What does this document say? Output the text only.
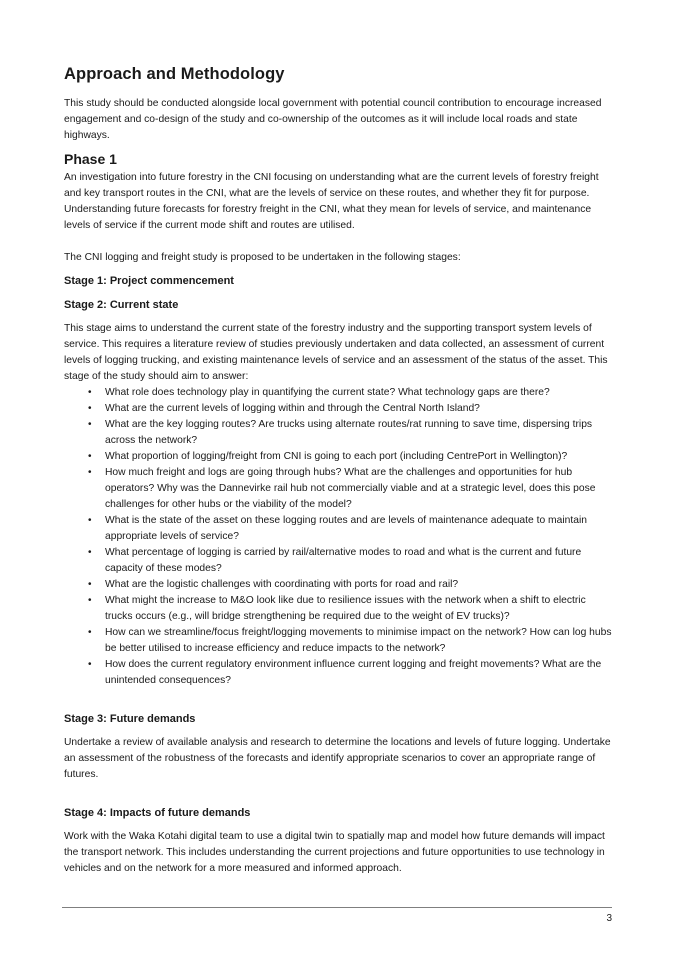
Approach and Methodology

This study should be conducted alongside local government with potential council contribution to encourage increased engagement and co-design of the study and co-ownership of the outcomes as it will include local roads and state highways.

Phase 1

An investigation into future forestry in the CNI focusing on understanding what are the current levels of forestry freight and key transport routes in the CNI, what are the levels of service on these routes, and whether they fit for purpose. Understanding future forecasts for forestry freight in the CNI, what they mean for levels of service, and maintenance levels of service if the current mode shift and routes are utilised.

The CNI logging and freight study is proposed to be undertaken in the following stages:

Stage 1: Project commencement
Stage 2: Current state

This stage aims to understand the current state of the forestry industry and the supporting transport system levels of service. This requires a literature review of studies previously undertaken and data collected, an assessment of current levels of logging trucking, and existing maintenance levels of service and an assessment of the status of the asset. This stage of the study should aim to answer:

• What role does technology play in quantifying the current state? What technology gaps are there?
• What are the current levels of logging within and through the Central North Island?
• What are the key logging routes? Are trucks using alternate routes/rat running to save time, dispersing trips across the network?
• What proportion of logging/freight from CNI is going to each port (including CentrePort in Wellington)?
• How much freight and logs are going through hubs? What are the challenges and opportunities for hub operators? Why was the Dannevirke rail hub not commercially viable and at a strategic level, does this pose challenges for other hubs or the viability of the model?
• What is the state of the asset on these logging routes and are levels of maintenance adequate to maintain appropriate levels of service?
• What percentage of logging is carried by rail/alternative modes to road and what is the current and future capacity of these modes?
• What are the logistic challenges with coordinating with ports for road and rail?
• What might the increase to M&O look like due to resilience issues with the network when a shift to electric trucks occurs (e.g., will bridge strengthening be required due to the weight of EV trucks)?
• How can we streamline/focus freight/logging movements to minimise impact on the network? How can log hubs be better utilised to increase efficiency and reduce impacts to the network?
• How does the current regulatory environment influence current logging and freight movements? What are the unintended consequences?
Stage 3: Future demands

Undertake a review of available analysis and research to determine the locations and levels of future logging. Undertake an assessment of the robustness of the forecasts and identify appropriate scenarios to cover an appropriate range of futures.

Stage 4: Impacts of future demands

Work with the Waka Kotahi digital team to use a digital twin to spatially map and model how future demands will impact the transport network. This includes understanding the current projections and future opportunities to use technology in vehicles and on the network for a more measured and informed approach.

3
